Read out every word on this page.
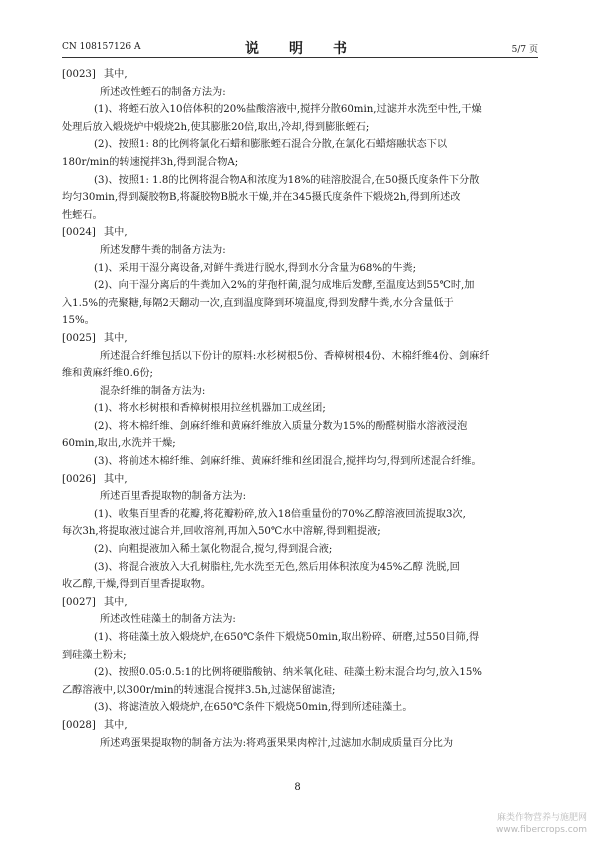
CN 108157126 A	说　明　书	5/7 页
[0023] 其中,
所述改性蛭石的制备方法为:
(1)、将蛭石放入10倍体积的20%盐酸溶液中,搅拌分散60min,过滤并水洗至中性,干燥
处理后放入煅烧炉中煅烧2h,使其膨胀20倍,取出,冷却,得到膨胀蛭石;
(2)、按照1: 8的比例将氯化石蜡和膨胀蛭石混合分散,在氯化石蜡熔融状态下以
180r/min的转速搅拌3h,得到混合物A;
(3)、按照1: 1.8的比例将混合物A和浓度为18%的硅溶胶混合,在50摄氏度条件下分散
均匀30min,得到凝胶物B,将凝胶物B脱水干燥,并在345摄氏度条件下煅烧2h,得到所述改
性蛭石。
[0024] 其中,
所述发酵牛粪的制备方法为:
(1)、采用干湿分离设备,对鲜牛粪进行脱水,得到水分含量为68%的牛粪;
(2)、向干湿分离后的牛粪加入2%的芽孢杆菌,混匀成堆后发酵,至温度达到55℃时,加
入1.5%的壳聚糖,每隔2天翻动一次,直到温度降到环境温度,得到发酵牛粪,水分含量低于
15%。
[0025] 其中,
所述混合纤维包括以下份计的原料:水杉树根5份、香樟树根4份、木棉纤维4份、剑麻纤
维和黄麻纤维0.6份;
混杂纤维的制备方法为:
(1)、将水杉树根和香樟树根用拉丝机器加工成丝团;
(2)、将木棉纤维、剑麻纤维和黄麻纤维放入质量分数为15%的酚醛树脂水溶液浸泡
60min,取出,水洗并干燥;
(3)、将前述木棉纤维、剑麻纤维、黄麻纤维和丝团混合,搅拌均匀,得到所述混合纤维。
[0026] 其中,
所述百里香提取物的制备方法为:
(1)、收集百里香的花瓣,将花瓣粉碎,放入18倍重量份的70%乙醇溶液回流提取3次,
每次3h,将提取液过滤合并,回收溶剂,再加入50℃水中溶解,得到粗提液;
(2)、向粗提液加入稀土氯化物混合,搅匀,得到混合液;
(3)、将混合液放入大孔树脂柱,先水洗至无色,然后用体积浓度为45%乙醇 洗脱,回
收乙醇,干燥,得到百里香提取物。
[0027] 其中,
所述改性硅藻土的制备方法为:
(1)、将硅藻土放入煅烧炉,在650℃条件下煅烧50min,取出粉碎、研磨,过550目筛,得
到硅藻土粉末;
(2)、按照0.05:0.5:1的比例将硬脂酸钠、纳米氧化硅、硅藻土粉末混合均匀,放入15%
乙醇溶液中,以300r/min的转速混合搅拌3.5h,过滤保留滤渣;
(3)、将滤渣放入煅烧炉,在650℃条件下煅烧50min,得到所述硅藻土。
[0028] 其中,
所述鸡蛋果提取物的制备方法为:将鸡蛋果果肉榨汁,过滤加水制成质量百分比为
8
麻类作物营养与施肥网
www.fibercrops.com
